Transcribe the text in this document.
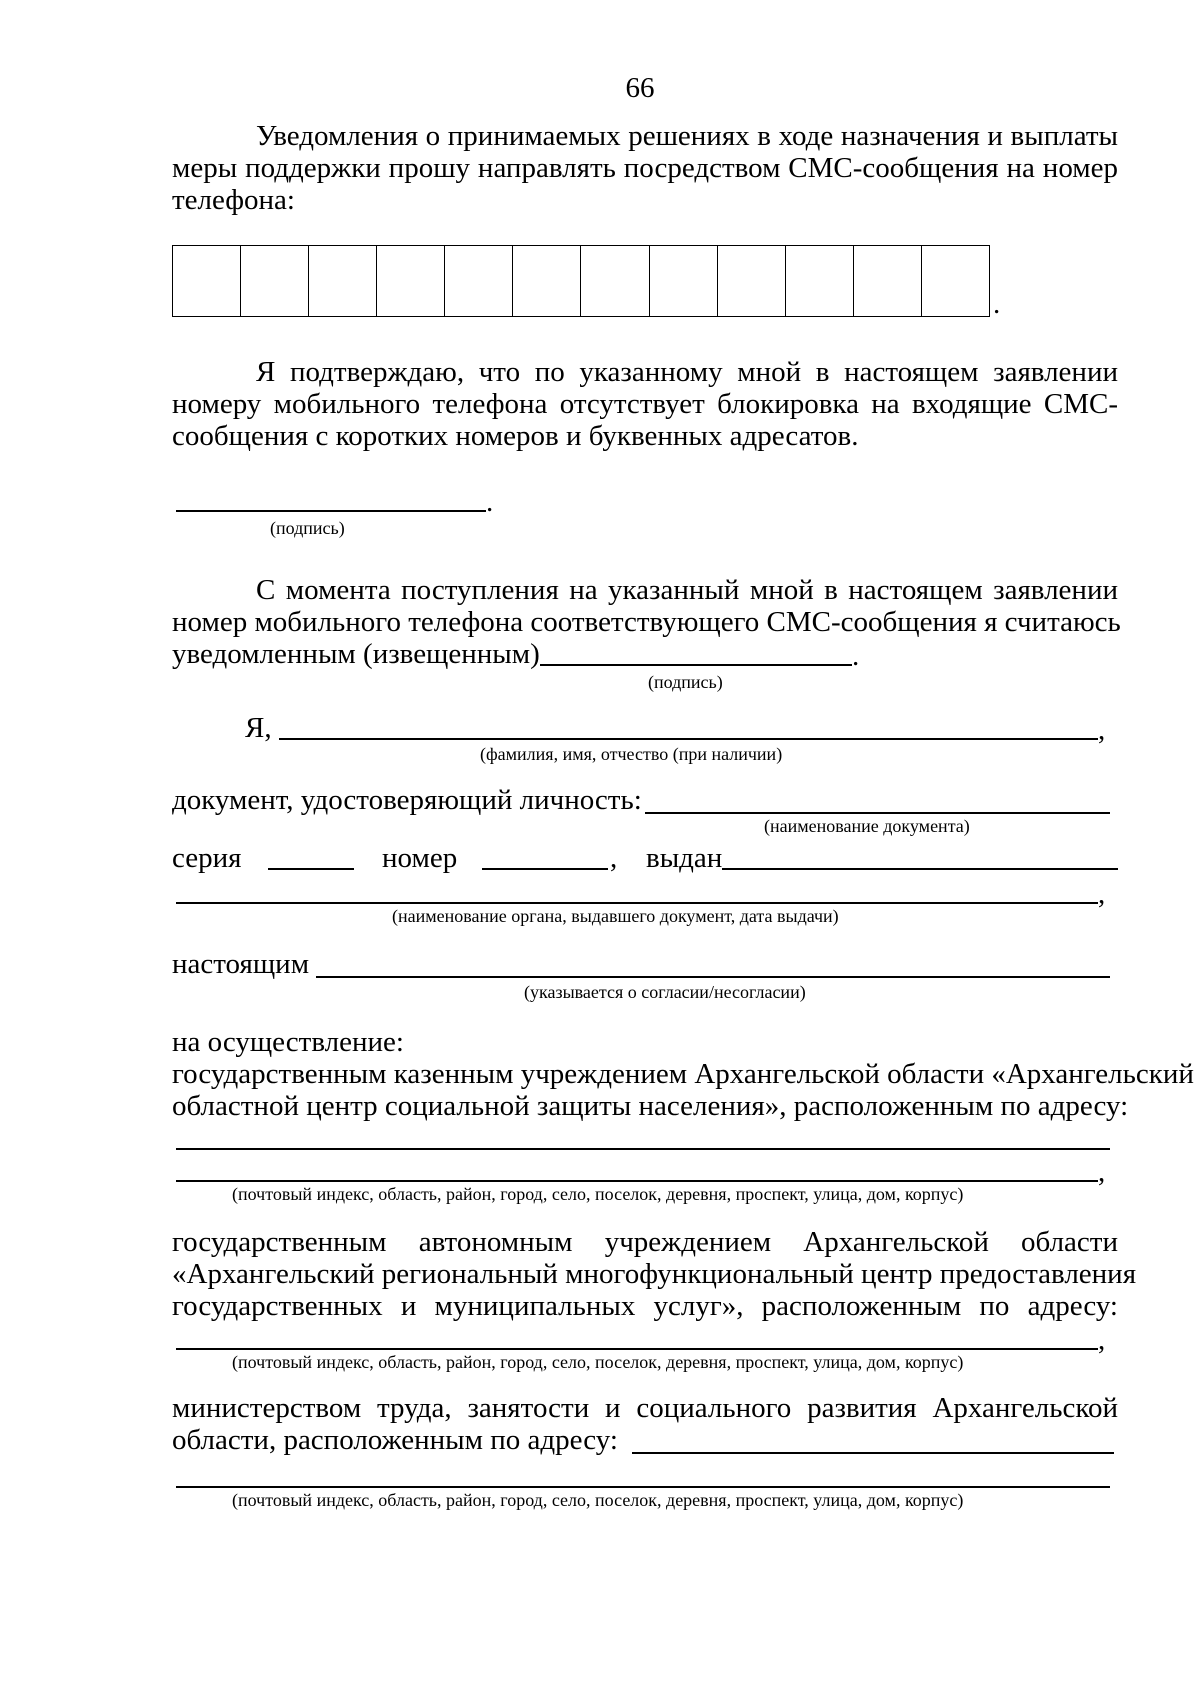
66
Уведомления о принимаемых решениях в ходе назначения и выплаты
меры поддержки прошу направлять посредством СМС-сообщения на номер
телефона:
.
Я подтверждаю, что по указанному мной в настоящем заявлении
номеру мобильного телефона отсутствует блокировка на входящие СМС-
сообщения с коротких номеров и буквенных адресатов.
.
(подпись)
С момента поступления на указанный мной в настоящем заявлении
номер мобильного телефона соответствующего СМС-сообщения я считаюсь
уведомленным (извещенным)	.
(подпись)
Я,	,
(фамилия, имя, отчество (при наличии)
документ, удостоверяющий личность:
(наименование документа)
серия	номер	, выдан
,
(наименование органа, выдавшего документ, дата выдачи)
настоящим
(указывается о согласии/несогласии)
на осуществление:
государственным казенным учреждением Архангельской области «Архангельский
областной центр социальной защиты населения», расположенным по адресу:
,
(почтовый индекс, область, район, город, село, поселок, деревня, проспект, улица, дом, корпус)
государственным автономным учреждением Архангельской области
«Архангельский региональный многофункциональный центр предоставления
государственных и муниципальных услуг», расположенным по адресу:
,
(почтовый индекс, область, район, город, село, поселок, деревня, проспект, улица, дом, корпус)
министерством труда, занятости и социального развития Архангельской
области, расположенным по адресу:
(почтовый индекс, область, район, город, село, поселок, деревня, проспект, улица, дом, корпус)
